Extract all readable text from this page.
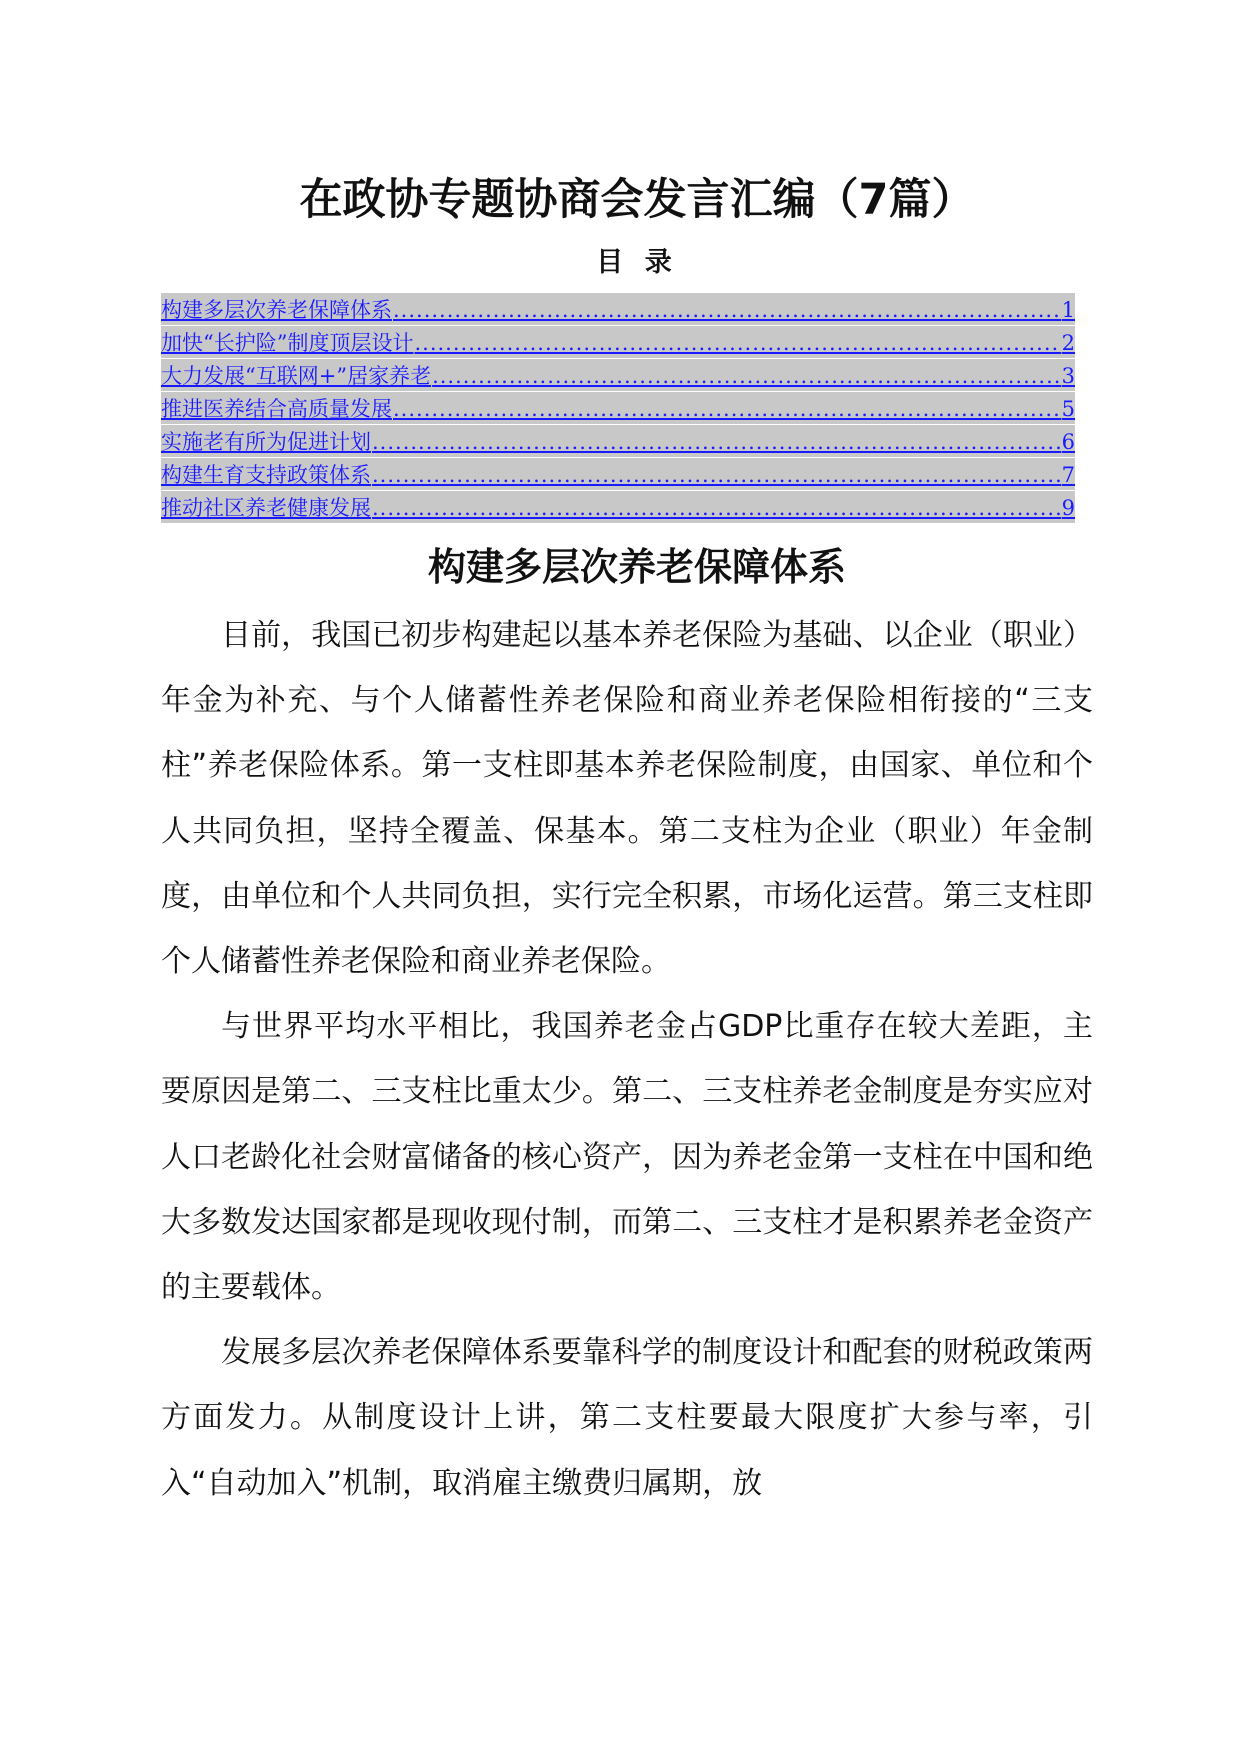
在政协专题协商会发言汇编（7篇）
目 录
构建多层次养老保障体系 .....	1
加快“长护险”制度顶层设计 .....	2
大力发展“互联网+”居家养老 .....	3
推进医养结合高质量发展 .....	5
实施老有所为促进计划 .....	6
构建生育支持政策体系 .....	7
推动社区养老健康发展 .....	9
构建多层次养老保障体系

目前，我国已初步构建起以基本养老保险为基础、以企业（职业）年金为补充、与个人储蓄性养老保险和商业养老保险相衔接的“三支柱”养老保险体系。第一支柱即基本养老保险制度，由国家、单位和个人共同负担，坚持全覆盖、保基本。第二支柱为企业（职业）年金制度，由单位和个人共同负担，实行完全积累，市场化运营。第三支柱即个人储蓄性养老保险和商业养老保险。

与世界平均水平相比，我国养老金占GDP比重存在较大差距，主要原因是第二、三支柱比重太少。第二、三支柱养老金制度是夯实应对人口老龄化社会财富储备的核心资产，因为养老金第一支柱在中国和绝大多数发达国家都是现收现付制，而第二、三支柱才是积累养老金资产的主要载体。

发展多层次养老保障体系要靠科学的制度设计和配套的财税政策两方面发力。从制度设计上讲，第二支柱要最大限度扩大参与率，引入“自动加入”机制，取消雇主缴费归属期，放
